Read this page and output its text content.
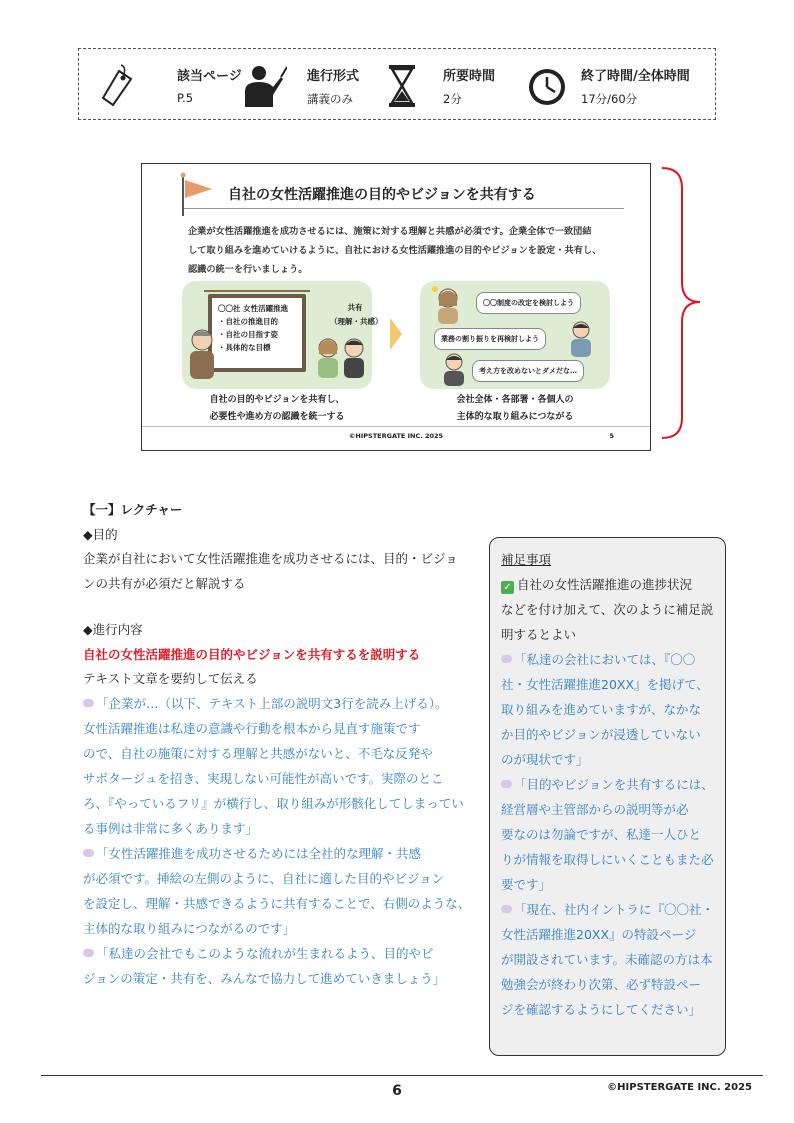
該当ページ
P.5
進行形式
講義のみ
所要時間
2分
終了時間/全体時間
17分/60分
自社の女性活躍推進の目的やビジョンを共有する
企業が女性活躍推進を成功させるには、施策に対する理解と共感が必須です。企業全体で一致団結
して取り組みを進めていけるように、自社における女性活躍推進の目的やビジョンを設定・共有し、
認識の統一を行いましょう。
〇〇社 女性活躍推進
・自社の推進目的
・自社の目指す姿
・具体的な目標
共有
（理解・共感）
〇〇制度の改定を検討しよう
業務の割り振りを再検討しよう
考え方を改めないとダメだな…
自社の目的やビジョンを共有し、
必要性や進め方の認識を統一する
会社全体・各部署・各個人の
主体的な取り組みにつながる
©HIPSTERGATE INC. 2025	5
【一】レクチャー
◆目的
企業が自社において女性活躍推進を成功させるには、目的・ビジョ
ンの共有が必須だと解説する
◆進行内容
自社の女性活躍推進の目的やビジョンを共有するを説明する
テキスト文章を要約して伝える
「企業が…（以下、テキスト上部の説明文3行を読み上げる）。
女性活躍推進は私達の意識や行動を根本から見直す施策です
ので、自社の施策に対する理解と共感がないと、不毛な反発や
サボタージュを招き、実現しない可能性が高いです。実際のとこ
ろ、『やっているフリ』が横行し、取り組みが形骸化してしまってい
る事例は非常に多くあります」
「女性活躍推進を成功させるためには全社的な理解・共感
が必須です。挿絵の左側のように、自社に適した目的やビジョン
を設定し、理解・共感できるように共有することで、右側のような、
主体的な取り組みにつながるのです」
「私達の会社でもこのような流れが生まれるよう、目的やビ
ジョンの策定・共有を、みんなで協力して進めていきましょう」
補足事項
✓ 自社の女性活躍推進の進捗状況
などを付け加えて、次のように補足説
明するとよい
「私達の会社においては、『〇〇
社・女性活躍推進20XX』を掲げて、
取り組みを進めていますが、なかな
か目的やビジョンが浸透していない
のが現状です」
「目的やビジョンを共有するには、
経営層や主管部からの説明等が必
要なのは勿論ですが、私達一人ひと
りが情報を取得しにいくこともまた必
要です」
「現在、社内イントラに『〇〇社・
女性活躍推進20XX』の特設ページ
が開設されています。未確認の方は本
勉強会が終わり次第、必ず特設ペー
ジを確認するようにしてください」
6	©HIPSTERGATE INC. 2025
